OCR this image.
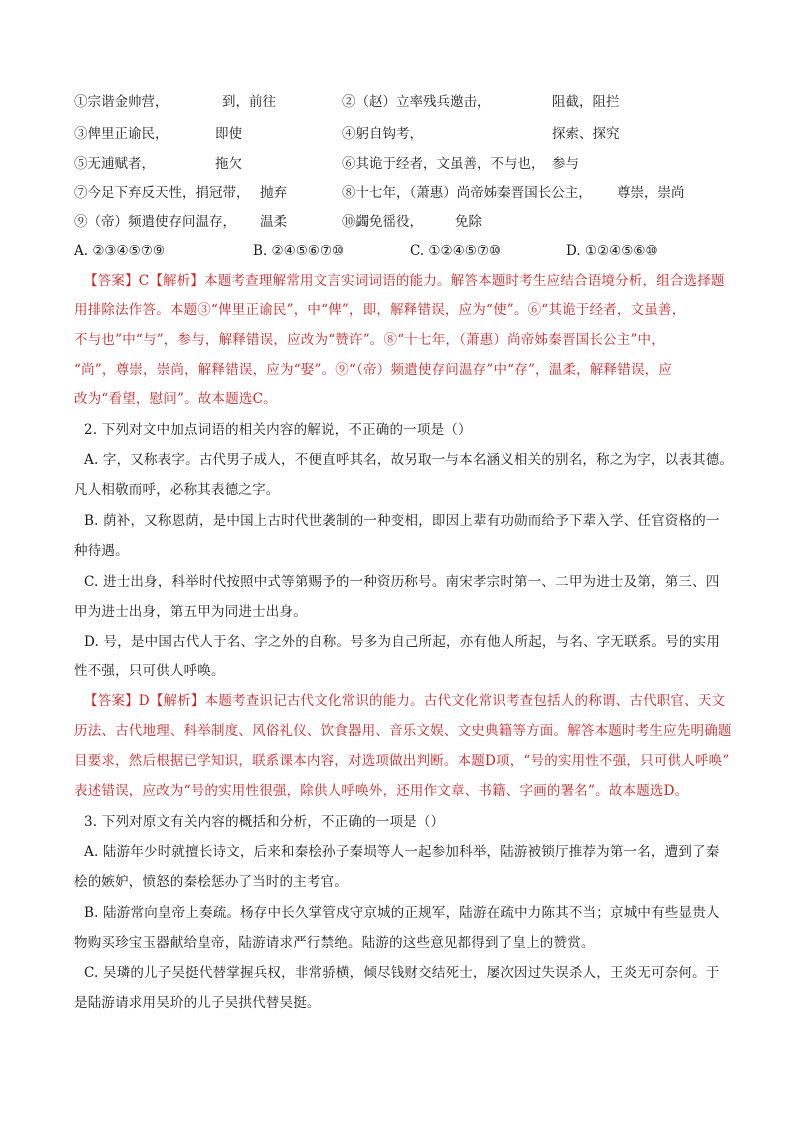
①宗谐金帅营，	到，前往	②（赵）立率残兵邀击，	阻截，阻拦
③俾里正谕民，	即使	④躬自钩考，	探索、探究
⑤无逋赋者，	拖欠	⑥其诡于经者，文虽善，不与也， 参与
⑦今足下弃反天性，捐冠带， 抛弃	⑧十七年，（萧惠）尚帝姊秦晋国长公主， 尊崇，崇尚
⑨（帝）频遣使存问温存， 温柔	⑩蠲免徭役， 免除
A. ②③④⑤⑦⑨	B. ②④⑤⑥⑦⑩	C. ①②④⑤⑦⑩	D. ①②④⑤⑥⑩
【答案】C【解析】本题考查理解常用文言实词词语的能力。解答本题时考生应结合语境分析，组合选择题
用排除法作答。本题③“俾里正谕民”，中“俾”，即，解释错误，应为“使”。⑥“其诡于经者，文虽善，
不与也”中“与”，参与，解释错误，应改为“赞许”。⑧“十七年，（萧惠）尚帝姊秦晋国长公主”中，
“尚”，尊崇，崇尚，解释错误，应为“娶”。⑨“（帝）频遣使存问温存”中“存”，温柔，解释错误，应
改为“看望，慰问”。故本题选C。
2. 下列对文中加点词语的相关内容的解说，不正确的一项是（）
A. 字，又称表字。古代男子成人，不便直呼其名，故另取一与本名涵义相关的别名，称之为字，以表其德。
凡人相敬而呼，必称其表德之字。
B. 荫补，又称恩荫，是中国上古时代世袭制的一种变相，即因上辈有功勋而给予下辈入学、任官资格的一
种待遇。
C. 进士出身，科举时代按照中式等第赐予的一种资历称号。南宋孝宗时第一、二甲为进士及第，第三、四
甲为进士出身，第五甲为同进士出身。
D. 号，是中国古代人于名、字之外的自称。号多为自己所起，亦有他人所起，与名、字无联系。号的实用
性不强，只可供人呼唤。
【答案】D【解析】本题考查识记古代文化常识的能力。古代文化常识考查包括人的称谓、古代职官、天文
历法、古代地理、科举制度、风俗礼仪、饮食器用、音乐文娱、文史典籍等方面。解答本题时考生应先明确题
目要求，然后根据已学知识，联系课本内容，对选项做出判断。本题D项，“号的实用性不强，只可供人呼唤”
表述错误，应改为“号的实用性很强，除供人呼唤外，还用作文章、书籍、字画的署名”。故本题选D。
3. 下列对原文有关内容的概括和分析，不正确的一项是（）
A. 陆游年少时就擅长诗文，后来和秦桧孙子秦埙等人一起参加科举，陆游被锁厅推荐为第一名，遭到了秦
桧的嫉妒，愤怒的秦桧惩办了当时的主考官。
B. 陆游常向皇帝上奏疏。杨存中长久掌管戍守京城的正规军，陆游在疏中力陈其不当；京城中有些显贵人
物购买珍宝玉器献给皇帝，陆游请求严行禁绝。陆游的这些意见都得到了皇上的赞赏。
C. 吴璘的儿子吴挺代替掌握兵权，非常骄横，倾尽钱财交结死士，屡次因过失误杀人，王炎无可奈何。于
是陆游请求用吴玠的儿子吴拱代替吴挺。
